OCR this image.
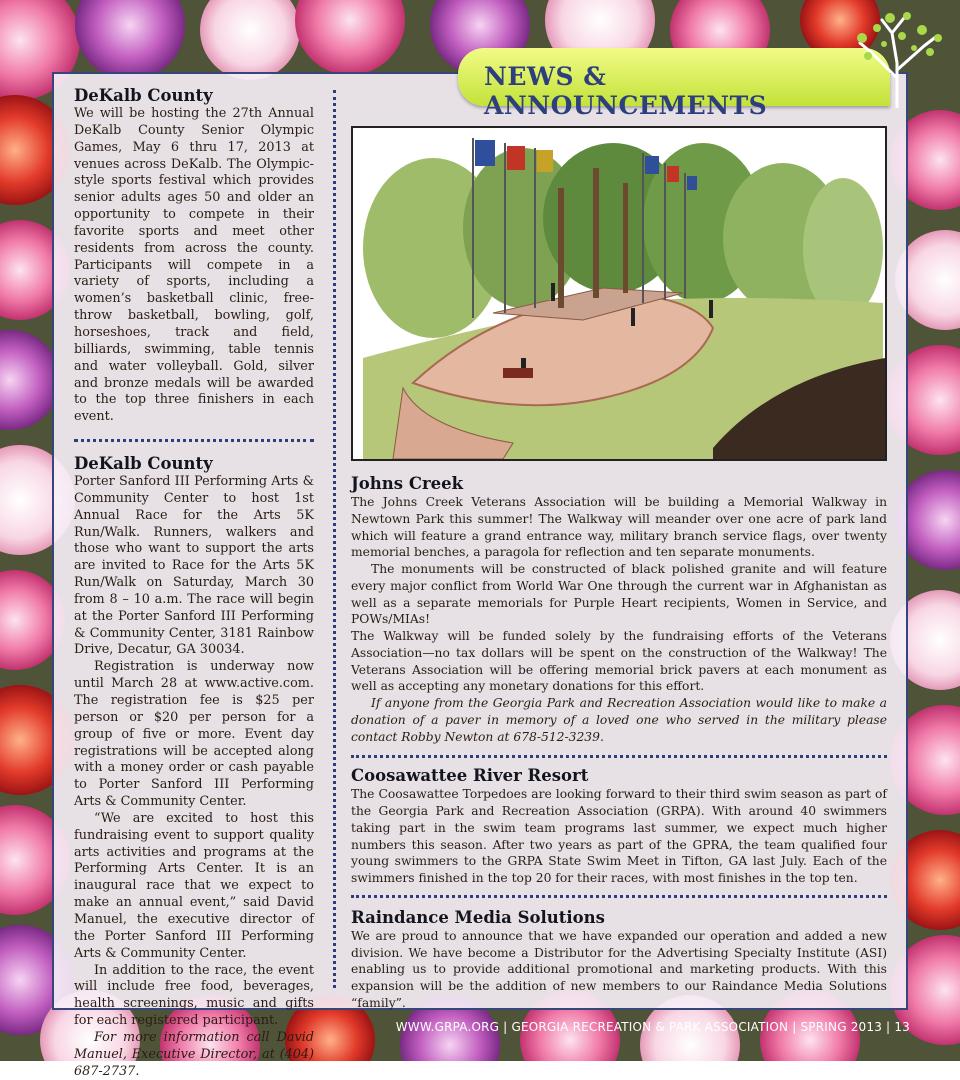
NEWS & ANNOUNCEMENTS
DeKalb County

We will be hosting the 27th Annual DeKalb County Senior Olympic Games, May 6 thru 17, 2013 at venues across DeKalb. The Olympic-style sports festival which provides senior adults ages 50 and older an opportunity to compete in their favorite sports and meet other residents from across the county. Participants will compete in a variety of sports, including a women’s basketball clinic, free-throw basketball, bowling, golf, horseshoes, track and field, billiards, swimming, table tennis and water volleyball. Gold, silver and bronze medals will be awarded to the top three finishers in each event.

DeKalb County

Porter Sanford III Performing Arts & Community Center to host 1st Annual Race for the Arts 5K Run/Walk. Runners, walkers and those who want to support the arts are invited to Race for the Arts 5K Run/Walk on Saturday, March 30 from 8 – 10 a.m. The race will begin at the Porter Sanford III Performing & Community Center, 3181 Rainbow Drive, Decatur, GA 30034.

Registration is underway now until March 28 at www.active.com. The registration fee is $25 per person or $20 per person for a group of five or more. Event day registrations will be accepted along with a money order or cash payable to Porter Sanford III Performing Arts & Community Center.

“We are excited to host this fundraising event to support quality arts activities and programs at the Performing Arts Center. It is an inaugural race that we expect to make an annual event,” said David Manuel, the executive director of the Porter Sanford III Performing Arts & Community Center.

In addition to the race, the event will include free food, beverages, health screenings, music and gifts for each registered participant.

For more information call David Manuel, Executive Director, at (404) 687-2737.

Johns Creek

The Johns Creek Veterans Association will be building a Memorial Walkway in Newtown Park this summer! The Walkway will meander over one acre of park land which will feature a grand entrance way, military branch service flags, over twenty memorial benches, a paragola for reflection and ten separate monuments.

The monuments will be constructed of black polished granite and will feature every major conflict from World War One through the current war in Afghanistan as well as a separate memorials for Purple Heart recipients, Women in Service, and POWs/MIAs!

The Walkway will be funded solely by the fundraising efforts of the Veterans Association—no tax dollars will be spent on the construction of the Walkway! The Veterans Association will be offering memorial brick pavers at each monument as well as accepting any monetary donations for this effort.

If anyone from the Georgia Park and Recreation Association would like to make a donation of a paver in memory of a loved one who served in the military please contact Robby Newton at 678-512-3239.

Coosawattee River Resort

The Coosawattee Torpedoes are looking forward to their third swim season as part of the Georgia Park and Recreation Association (GRPA). With around 40 swimmers taking part in the swim team programs last summer, we expect much higher numbers this season. After two years as part of the GPRA, the team qualified four young swimmers to the GRPA State Swim Meet in Tifton, GA last July. Each of the swimmers finished in the top 20 for their races, with most finishes in the top ten.

Raindance Media Solutions

We are proud to announce that we have expanded our operation and added a new division. We have become a Distributor for the Advertising Specialty Institute (ASI) enabling us to provide additional promotional and marketing products. With this expansion will be the addition of new members to our Raindance Media Solutions “family”.

WWW.GRPA.ORG | GEORGIA RECREATION & PARK ASSOCIATION | SPRING 2013 | 13
